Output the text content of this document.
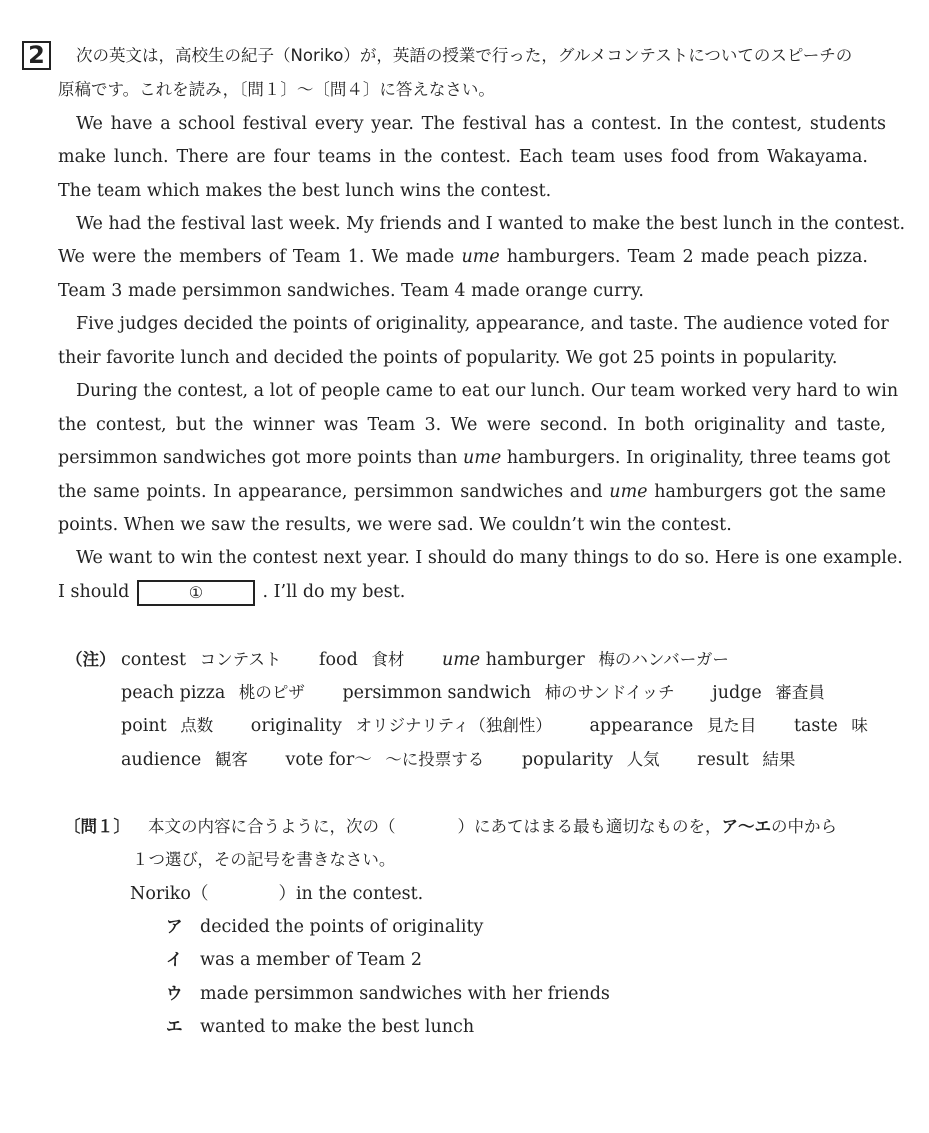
2	次の英文は，高校生の紀子（Noriko）が，英語の授業で行った，グルメコンテストについてのスピーチの
原稿です。これを読み，〔問１〕～〔問４〕に答えなさい。
We have a school festival every year. The festival has a contest. In the contest, students
make lunch. There are four teams in the contest. Each team uses food from Wakayama.
The team which makes the best lunch wins the contest.
We had the festival last week. My friends and I wanted to make the best lunch in the contest.
We were the members of Team 1. We made ume hamburgers. Team 2 made peach pizza.
Team 3 made persimmon sandwiches. Team 4 made orange curry.
Five judges decided the points of originality, appearance, and taste. The audience voted for
their favorite lunch and decided the points of popularity. We got 25 points in popularity.
During the contest, a lot of people came to eat our lunch. Our team worked very hard to win
the contest, but the winner was Team 3. We were second. In both originality and taste,
persimmon sandwiches got more points than ume hamburgers. In originality, three teams got
the same points. In appearance, persimmon sandwiches and ume hamburgers got the same
points. When we saw the results, we were sad. We couldn’t win the contest.
We want to win the contest next year. I should do many things to do so. Here is one example.
I should	①	. I’ll do my best.
（注） contest コンテスト food 食材 ume hamburger 梅のハンバーガー
peach pizza 桃のピザ persimmon sandwich 柿のサンドイッチ judge 審査員
point 点数 originality オリジナリティ（独創性） appearance 見た目 taste 味
audience 観客 vote for～ ～に投票する popularity 人気 result 結果
〔問１〕 本文の内容に合うように，次の（	）にあてはまる最も適切なものを，ア～エの中から
１つ選び，その記号を書きなさい。
Noriko（	）in the contest.
ア decided the points of originality
イ was a member of Team 2
ウ made persimmon sandwiches with her friends
エ wanted to make the best lunch
